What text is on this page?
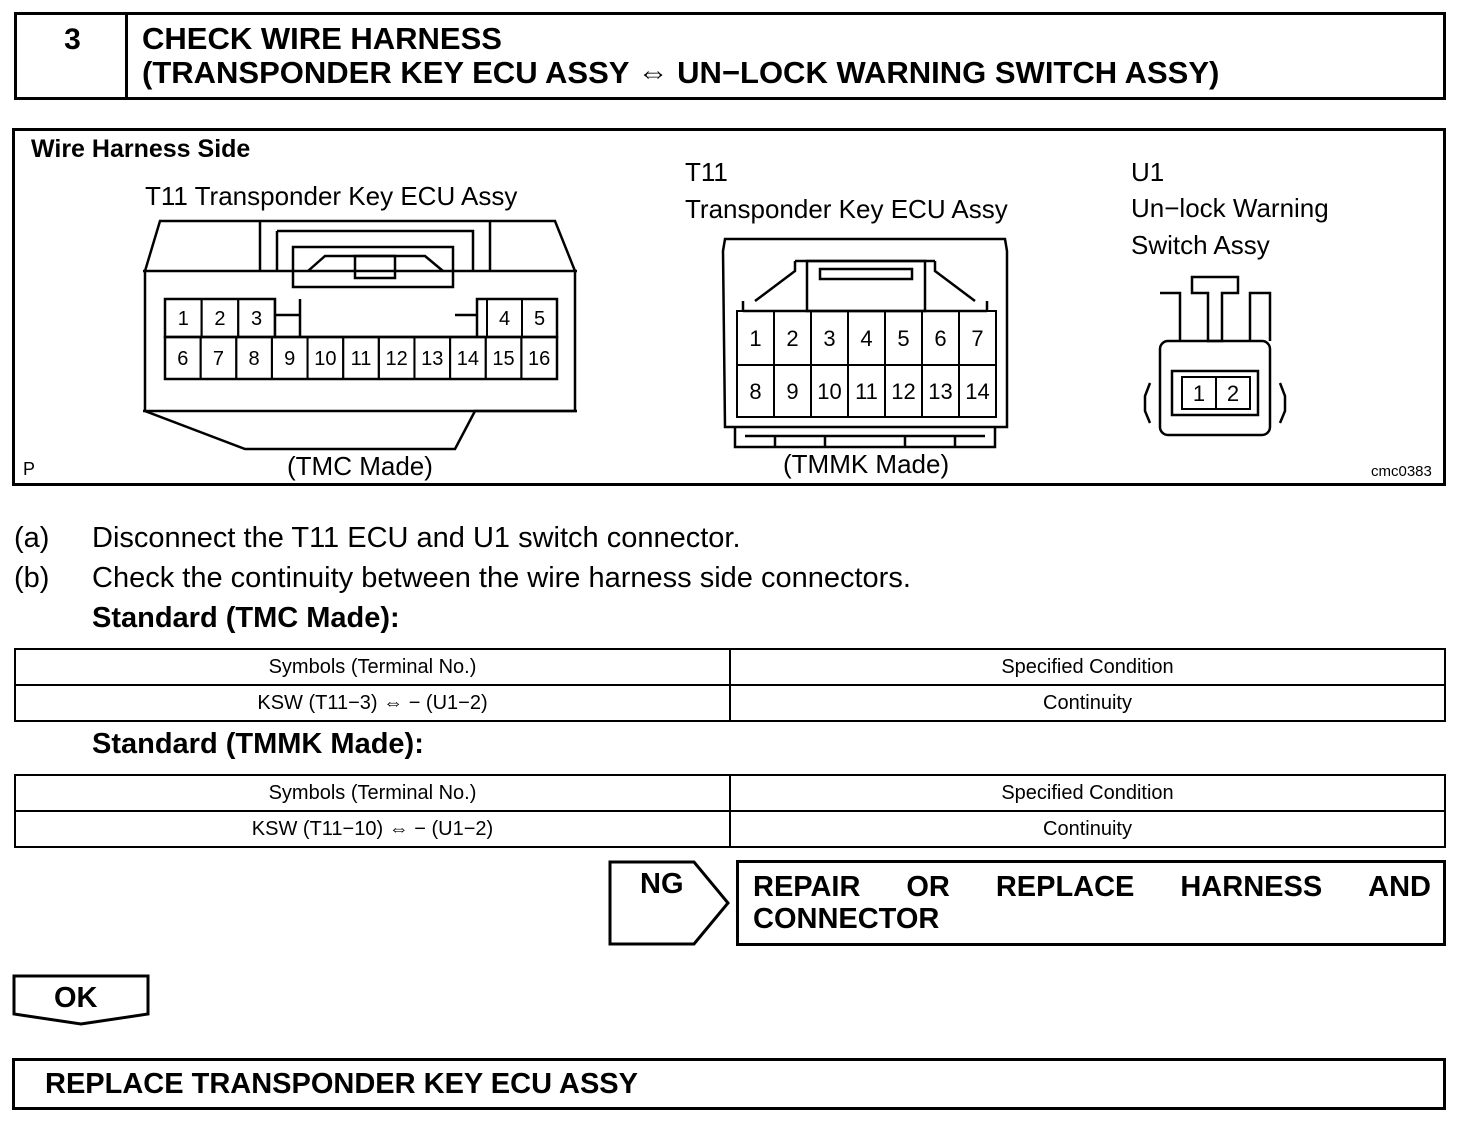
3	CHECK WIRE HARNESS
(TRANSPONDER KEY ECU ASSY ⇔ UN−LOCK WARNING SWITCH ASSY)
Wire Harness Side
T11 Transponder Key ECU Assy
(TMC Made)
T11
Transponder Key ECU Assy
(TMMK Made)
U1
Un−lock Warning
Switch Assy
P	cmc0383
1 2 3	4 5
6 7 8 9 10 11 12 13 14 15 16
1 2 3 4 5 6 7
8 9 10 11 12 13 14	1 2
(a) Disconnect the T11 ECU and U1 switch connector.
(b) Check the continuity between the wire harness side connectors.
Standard (TMC Made):
Symbols (Terminal No.)	Specified Condition
KSW (T11−3) ⇔ − (U1−2)	Continuity
Standard (TMMK Made):
Symbols (Terminal No.)	Specified Condition
KSW (T11−10) ⇔ − (U1−2)	Continuity
NG REPAIR OR REPLACE HARNESS AND
CONNECTOR
OK
REPLACE TRANSPONDER KEY ECU ASSY
